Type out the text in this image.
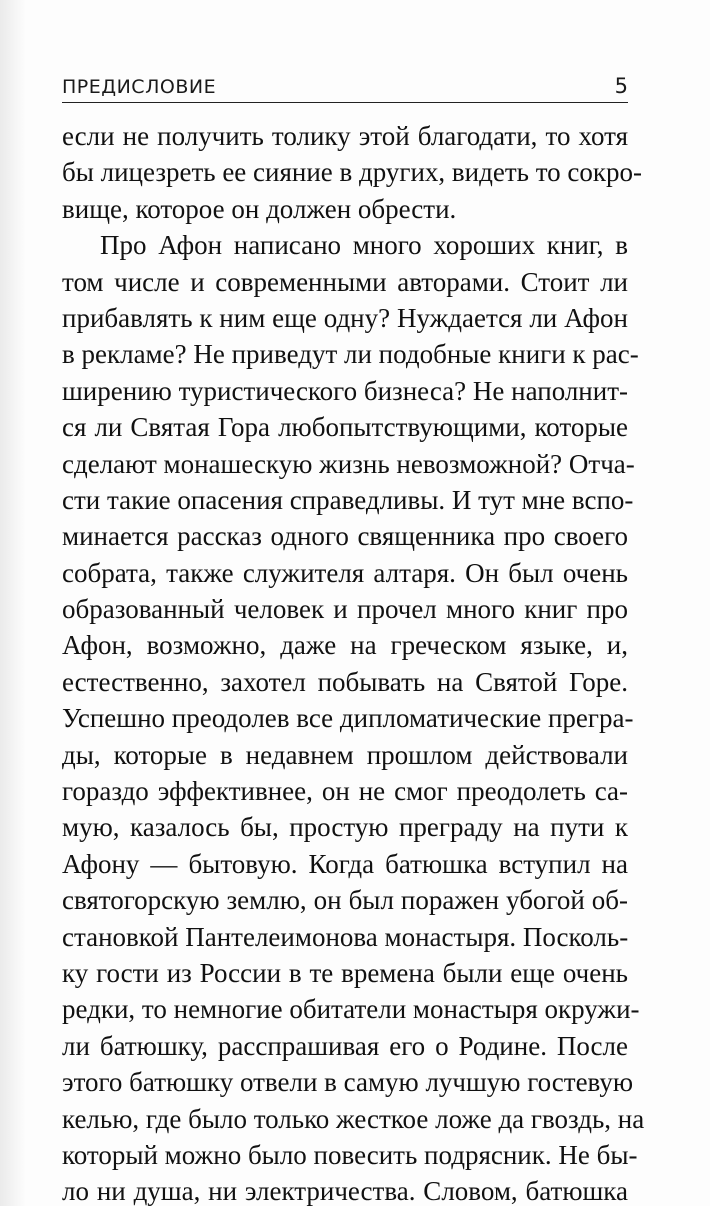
ПРЕДИСЛОВИЕ	5
если не получить толику этой благодати, то хотя
бы лицезреть ее сияние в других, видеть то сокро-
вище, которое он должен обрести.
Про Афон написано много хороших книг, в
том числе и современными авторами. Стоит ли
прибавлять к ним еще одну? Нуждается ли Афон
в рекламе? Не приведут ли подобные книги к рас-
ширению туристического бизнеса? Не наполнит-
ся ли Святая Гора любопытствующими, которые
сделают монашескую жизнь невозможной? Отча-
сти такие опасения справедливы. И тут мне вспо-
минается рассказ одного священника про своего
собрата, также служителя алтаря. Он был очень
образованный человек и прочел много книг про
Афон, возможно, даже на греческом языке, и,
естественно, захотел побывать на Святой Горе.
Успешно преодолев все дипломатические прегра-
ды, которые в недавнем прошлом действовали
гораздо эффективнее, он не смог преодолеть са-
мую, казалось бы, простую преграду на пути к
Афону — бытовую. Когда батюшка вступил на
святогорскую землю, он был поражен убогой об-
становкой Пантелеимонова монастыря. Посколь-
ку гости из России в те времена были еще очень
редки, то немногие обитатели монастыря окружи-
ли батюшку, расспрашивая его о Родине. После
этого батюшку отвели в самую лучшую гостевую
келью, где было только жесткое ложе да гвоздь, на
который можно было повесить подрясник. Не бы-
ло ни душа, ни электричества. Словом, батюшка
